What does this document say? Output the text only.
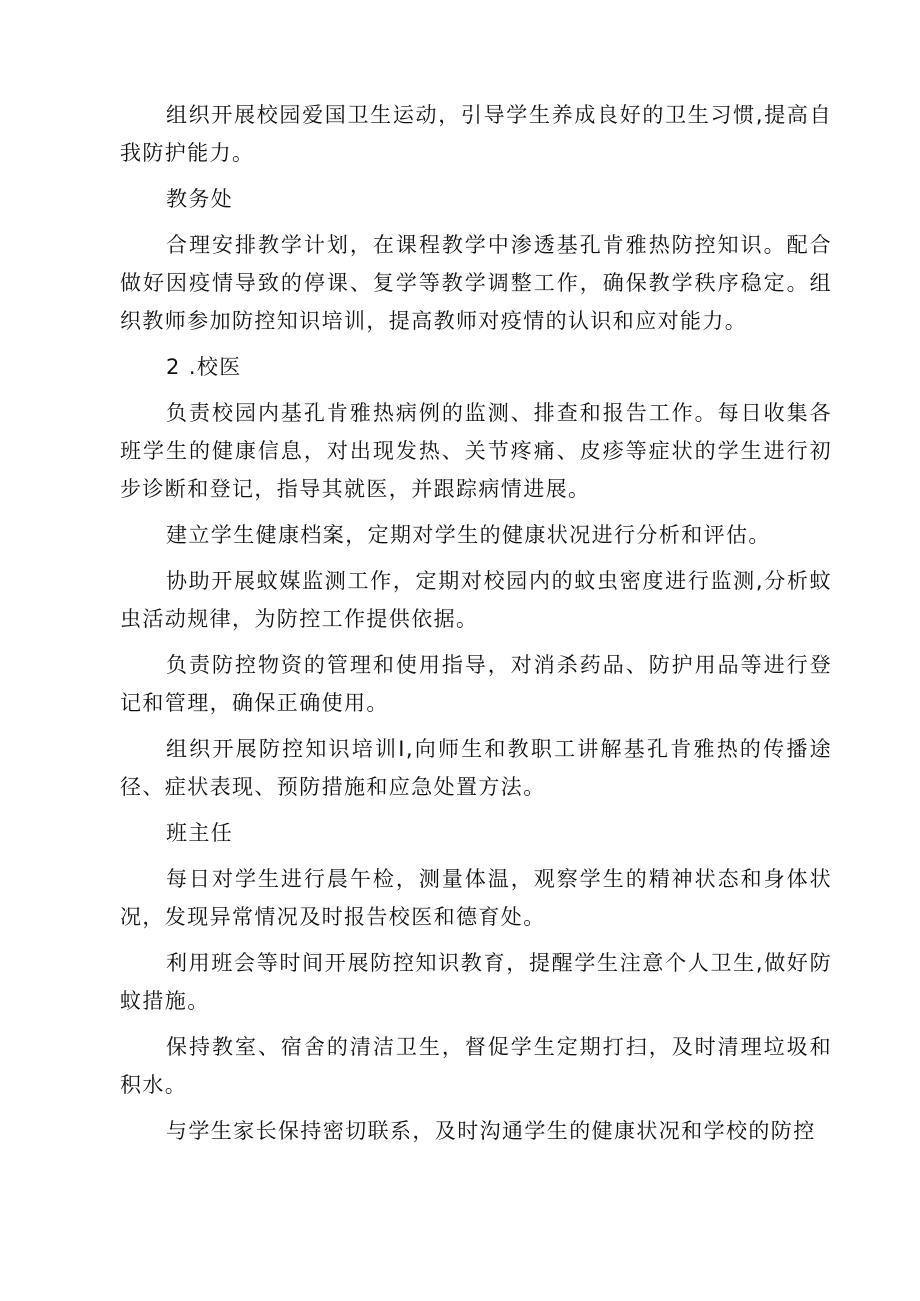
组织开展校园爱国卫生运动，引导学生养成良好的卫生习惯,提高自我防护能力。

教务处

合理安排教学计划，在课程教学中渗透基孔肯雅热防控知识。配合做好因疫情导致的停课、复学等教学调整工作，确保教学秩序稳定。组织教师参加防控知识培训，提高教师对疫情的认识和应对能力。

2 .校医

负责校园内基孔肯雅热病例的监测、排查和报告工作。每日收集各班学生的健康信息，对出现发热、关节疼痛、皮疹等症状的学生进行初步诊断和登记，指导其就医，并跟踪病情进展。

建立学生健康档案，定期对学生的健康状况进行分析和评估。

协助开展蚊媒监测工作，定期对校园内的蚊虫密度进行监测,分析蚊虫活动规律，为防控工作提供依据。

负责防控物资的管理和使用指导，对消杀药品、防护用品等进行登记和管理，确保正确使用。

组织开展防控知识培训I,向师生和教职工讲解基孔肯雅热的传播途径、症状表现、预防措施和应急处置方法。

班主任

每日对学生进行晨午检，测量体温，观察学生的精神状态和身体状况，发现异常情况及时报告校医和德育处。

利用班会等时间开展防控知识教育，提醒学生注意个人卫生,做好防蚊措施。

保持教室、宿舍的清洁卫生，督促学生定期打扫，及时清理垃圾和积水。

与学生家长保持密切联系，及时沟通学生的健康状况和学校的防控
